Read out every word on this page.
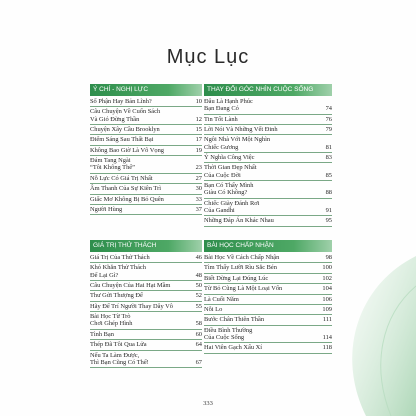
Mục Lục
Ý CHÍ - NGHỊ LỰC
Số Phận Hay Bản Lĩnh?	10
Câu Chuyện Về Cuốn Sách
Và Gió Đừng Thần	12
Chuyện Xây Cầu Brooklyn	15
Điểm Sáng Sau Thất Bại	17
Không Bao Giờ Là Vô Vọng	19
Đám Tang Ngài
“Tôi Không Thể”	23
Nỗ Lực Có Giá Trị Nhất	27
Âm Thanh Của Sự Kiên Trì	30
Giấc Mơ Không Bị Bỏ Quên	33
Người Hùng	37
GIÁ TRỊ THỬ THÁCH
Giá Trị Của Thử Thách	46
Khó Khăn Thử Thách
Để Lại Gì?	48
Câu Chuyện Của Hai Hạt Mầm	50
Thư Gửi Thượng Đế	52
Hãy Để Trí Người Thay Dây Vô	55
Bài Học Từ Trò
Chơi Ghép Hình	58
Tình Bạn	60
Thép Đã Tôi Qua Lửa	64
Nếu Ta Làm Được,
Thì Bạn Cũng Có Thể!	67
THAY ĐỔI GÓC NHÌN CUỘC SỐNG
Đâu Là Hạnh Phúc
Bạn Đang Có	74
Tin Tốt Lành	76
Lời Nói Và Những Vết Đinh	79
Ngôi Nhà Với Một Nghìn
Chiếc Gương	81
Ý Nghĩa Công Việc	83
Thời Gian Đẹp Nhất
Của Cuộc Đời	85
Bạn Có Thấy Mình
Giàu Có Không?	88
Chiếc Giày Đánh Rơi
Của Gandhi	91
Những Đáp Án Khác Nhau	95
BÀI HỌC CHẤP NHẬN
Bài Học Về Cách Chấp Nhận	98
Tìm Thấy Lưỡi Rìu Sắc Bén	100
Biết Dừng Lại Đúng Lúc	102
Từ Bỏ Cũng Là Một Loại Vốn	104
Là Cuối Năm	106
Nỗi Lo	109
Bước Chân Thiên Thần	111
Điều Bình Thường
Của Cuộc Sống	114
Hai Viên Gạch Xấu Xí	118
333
